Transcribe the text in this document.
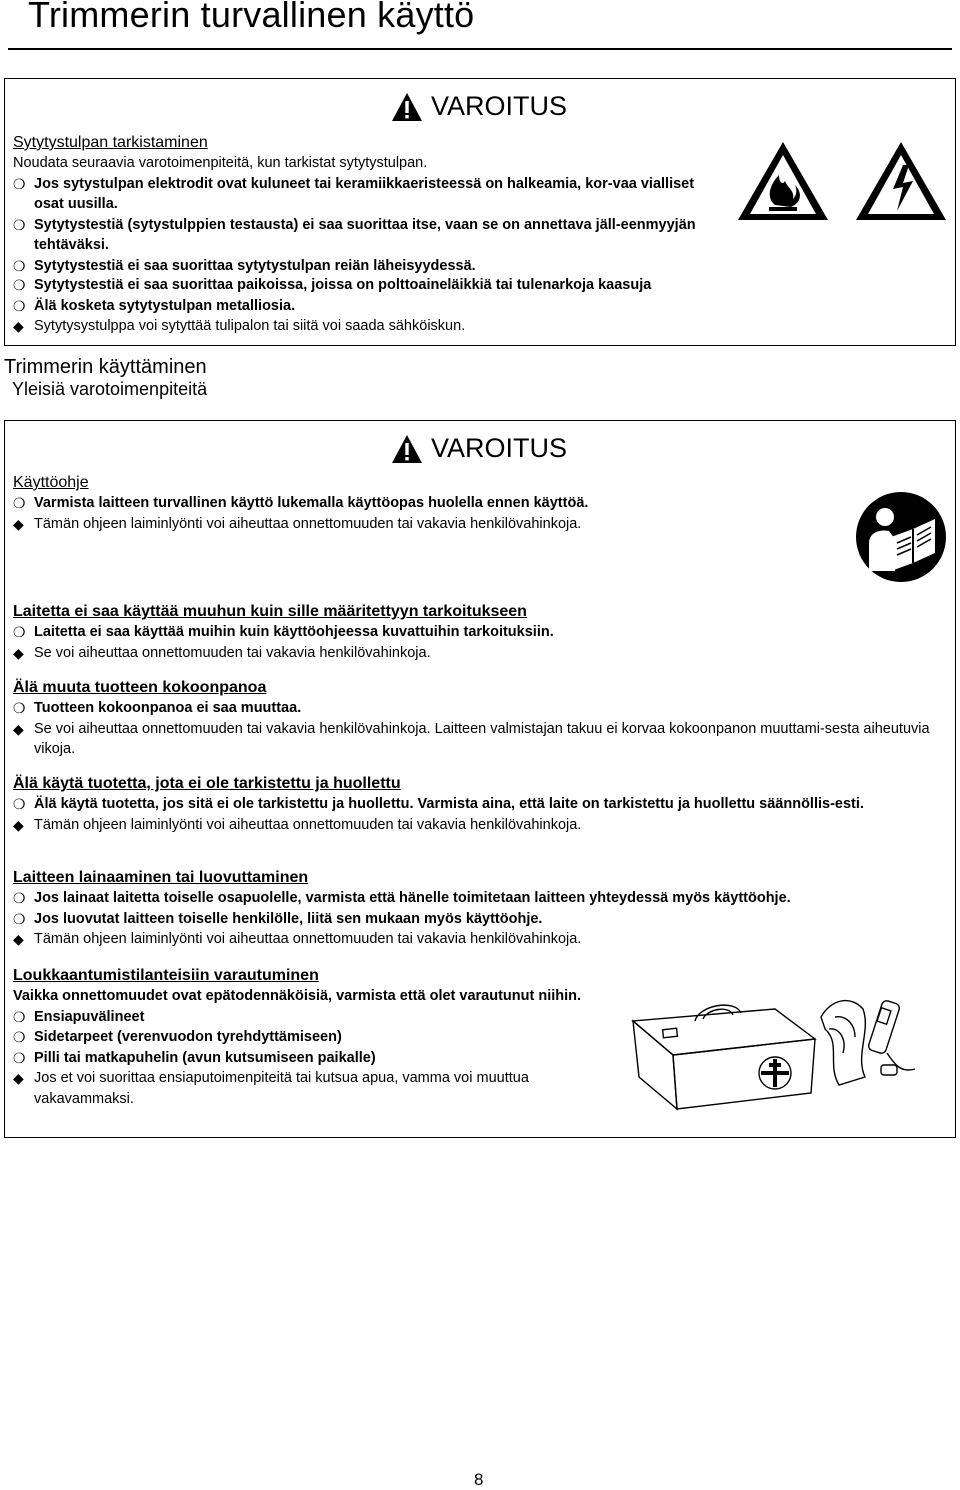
Trimmerin turvallinen käyttö
VAROITUS

Sytytystulpan tarkistaminen

Noudata seuraavia varotoimenpiteitä, kun tarkistat sytytystulpan.

❍ Jos sytystulpan elektrodit ovat kuluneet tai keramiikkaeristeessä on halkeamia, kor-vaa vialliset osat uusilla.
❍ Sytytystestiä (sytystulppien testausta) ei saa suorittaa itse, vaan se on annettava jäll-eenmyyjän tehtäväksi.
❍ Sytytystestiä ei saa suorittaa sytytystulpan reiän läheisyydessä.
❍ Sytytystestiä ei saa suorittaa paikoissa, joissa on polttoaineläikkiä tai tulenarkoja kaasuja
❍ Älä kosketa sytytystulpan metalliosia.
◆ Sytytysystulppa voi sytyttää tulipalon tai siitä voi saada sähköiskun.
Trimmerin käyttäminen
Yleisiä varotoimenpiteitä
VAROITUS

Käyttöohje

❍ Varmista laitteen turvallinen käyttö lukemalla käyttöopas huolella ennen käyttöä.
◆ Tämän ohjeen laiminlyönti voi aiheuttaa onnettomuuden tai vakavia henkilövahinkoja.

Laitetta ei saa käyttää muuhun kuin sille määritettyyn tarkoitukseen

❍ Laitetta ei saa käyttää muihin kuin käyttöohjeessa kuvattuihin tarkoituksiin.
◆ Se voi aiheuttaa onnettomuuden tai vakavia henkilövahinkoja.

Älä muuta tuotteen kokoonpanoa

❍ Tuotteen kokoonpanoa ei saa muuttaa.
◆ Se voi aiheuttaa onnettomuuden tai vakavia henkilövahinkoja. Laitteen valmistajan takuu ei korvaa kokoonpanon muuttami-sesta aiheutuvia vikoja.

Älä käytä tuotetta, jota ei ole tarkistettu ja huollettu

❍ Älä käytä tuotetta, jos sitä ei ole tarkistettu ja huollettu. Varmista aina, että laite on tarkistettu ja huollettu säännöllis-esti.
◆ Tämän ohjeen laiminlyönti voi aiheuttaa onnettomuuden tai vakavia henkilövahinkoja.

Laitteen lainaaminen tai luovuttaminen

❍ Jos lainaat laitetta toiselle osapuolelle, varmista että hänelle toimitetaan laitteen yhteydessä myös käyttöohje.
❍ Jos luovutat laitteen toiselle henkilölle, liitä sen mukaan myös käyttöohje.
◆ Tämän ohjeen laiminlyönti voi aiheuttaa onnettomuuden tai vakavia henkilövahinkoja.

Loukkaantumistilanteisiin varautuminen

Vaikka onnettomuudet ovat epätodennäköisiä, varmista että olet varautunut niihin.

❍ Ensiapuvälineet
❍ Sidetarpeet (verenvuodon tyrehdyttämiseen)
❍ Pilli tai matkapuhelin (avun kutsumiseen paikalle)
◆ Jos et voi suorittaa ensiaputoimenpiteitä tai kutsua apua, vamma voi muuttua vakavammaksi.
8
